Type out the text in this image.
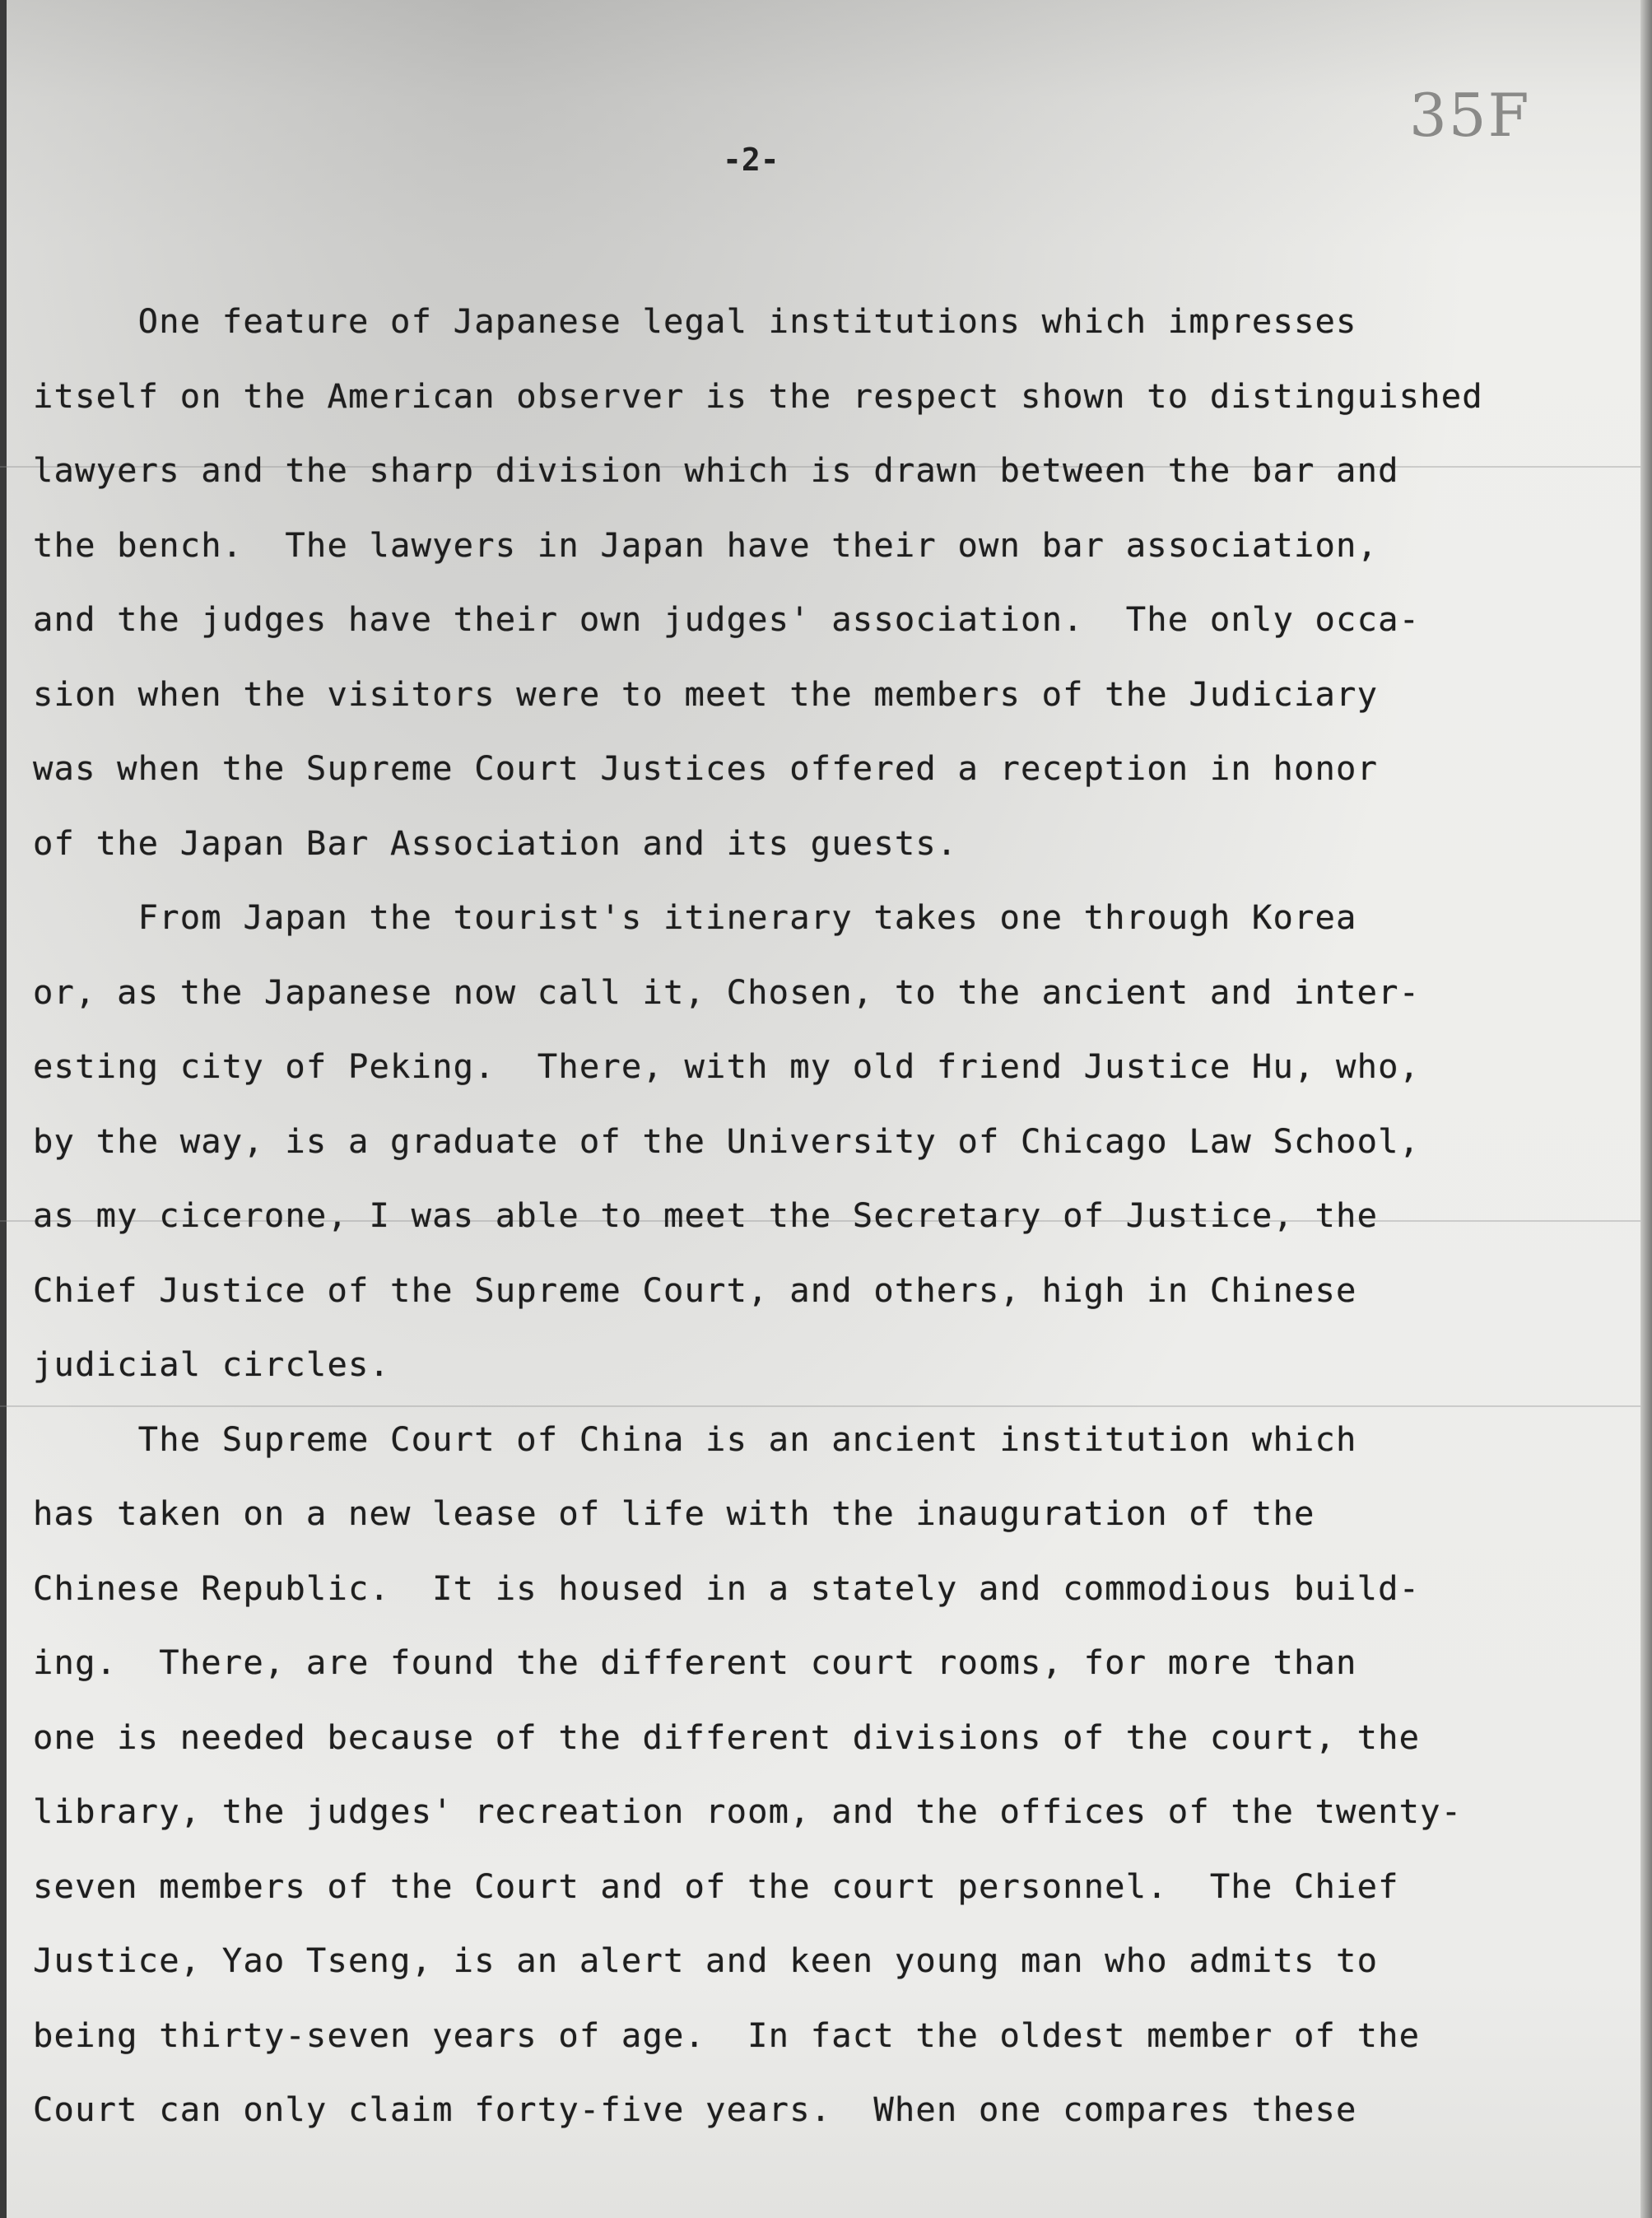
35F
-2-
One feature of Japanese legal institutions which impresses
itself on the American observer is the respect shown to distinguished
lawyers and the sharp division which is drawn between the bar and
the bench.  The lawyers in Japan have their own bar association,
and the judges have their own judges' association.  The only occa-
sion when the visitors were to meet the members of the Judiciary
was when the Supreme Court Justices offered a reception in honor
of the Japan Bar Association and its guests.
From Japan the tourist's itinerary takes one through Korea
or, as the Japanese now call it, Chosen, to the ancient and inter-
esting city of Peking.  There, with my old friend Justice Hu, who,
by the way, is a graduate of the University of Chicago Law School,
as my cicerone, I was able to meet the Secretary of Justice, the
Chief Justice of the Supreme Court, and others, high in Chinese
judicial circles.
The Supreme Court of China is an ancient institution which
has taken on a new lease of life with the inauguration of the
Chinese Republic.  It is housed in a stately and commodious build-
ing.  There, are found the different court rooms, for more than
one is needed because of the different divisions of the court, the
library, the judges' recreation room, and the offices of the twenty-
seven members of the Court and of the court personnel.  The Chief
Justice, Yao Tseng, is an alert and keen young man who admits to
being thirty-seven years of age.  In fact the oldest member of the
Court can only claim forty-five years.  When one compares these
